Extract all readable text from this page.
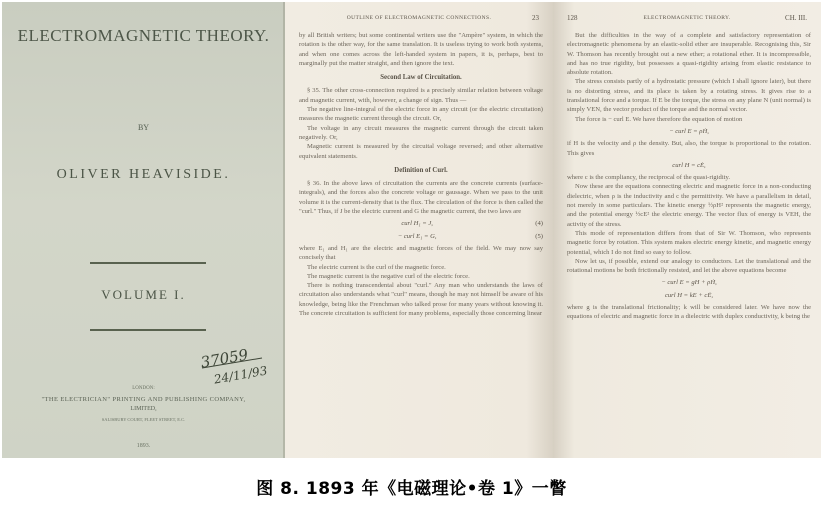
ELECTROMAGNETIC THEORY.
BY
OLIVER HEAVISIDE.
VOLUME I.
37059
24/11/93
LONDON:
"THE ELECTRICIAN" PRINTING AND PUBLISHING COMPANY,
LIMITED,
SALISBURY COURT, FLEET STREET, E.C.
1893.
OUTLINE OF ELECTROMAGNETIC CONNECTIONS.	23

by all British writers; but some continental writers use the "Ampère" system, in which the rotation is the other way, for the same translation. It is useless trying to work both systems, and when one comes across the left-handed system in papers, it is, perhaps, best to marginally put the matter straight, and then ignore the text.

Second Law of Circuitation.

§ 35. The other cross-connection required is a precisely similar relation between voltage and magnetic current, with, however, a change of sign. Thus —

The negative line-integral of the electric force in any circuit (or the electric circuitation) measures the magnetic current through the circuit. Or,

The voltage in any circuit measures the magnetic current through the circuit taken negatively. Or,

Magnetic current is measured by the circuital voltage reversed; and other alternative equivalent statements.

Definition of Curl.

§ 36. In the above laws of circuitation the currents are the concrete currents (surface-integrals), and the forces also the concrete voltage or gaussage. When we pass to the unit volume it is the current-density that is the flux. The circulation of the force is then called the "curl." Thus, if J be the electric current and G the magnetic current, the two laws are

curl H₁ = J,	(4)
− curl E₁ = G,	(5)

where E₁ and H₁ are the electric and magnetic forces of the field. We may now say concisely that

The electric current is the curl of the magnetic force.

The magnetic current is the negative curl of the electric force.

There is nothing transcendental about "curl." Any man who understands the laws of circuitation also understands what "curl" means, though he may not himself be aware of his knowledge, being like the Frenchman who talked prose for many years without knowing it. The concrete circuitation is sufficient for many problems, especially those concerning linear

128	ELECTROMAGNETIC THEORY.	CH. III.

But the difficulties in the way of a complete and satisfactory representation of electromagnetic phenomena by an elastic-solid ether are insuperable. Recognising this, Sir W. Thomson has recently brought out a new ether; a rotational ether. It is incompressible, and has no true rigidity, but possesses a quasi-rigidity arising from elastic resistance to absolute rotation.

The stress consists partly of a hydrostatic pressure (which I shall ignore later), but there is no distorting stress, and its place is taken by a rotating stress. It gives rise to a translational force and a torque. If E be the torque, the stress on any plane N (unit normal) is simply VEN, the vector product of the torque and the normal vector.

The force is − curl E. We have therefore the equation of motion

− curl E = ρḢ,

if H is the velocity and ρ the density. But, also, the torque is proportional to the rotation. This gives

curl H = cĖ,

where c is the compliancy, the reciprocal of the quasi-rigidity.

Now these are the equations connecting electric and magnetic force in a non-conducting dielectric, when ρ is the inductivity and c the permittivity. We have a parallelism in detail, not merely in some particulars. The kinetic energy ½ρH² represents the magnetic energy, and the potential energy ½cE² the electric energy. The vector flux of energy is VEH, the activity of the stress.

This mode of representation differs from that of Sir W. Thomson, who represents magnetic force by rotation. This system makes electric energy kinetic, and magnetic energy potential, which I do not find so easy to follow.

Now let us, if possible, extend our analogy to conductors. Let the translational and the rotational motions be both frictionally resisted, and let the above equations become

− curl E = gH + ρḢ,
curl H = kE + cĖ,

where g is the translational frictionality; k will be considered later. We have now the equations of electric and magnetic force in a dielectric with duplex conductivity, k being the

图 8. 1893 年《电磁理论•卷 1》一瞥
